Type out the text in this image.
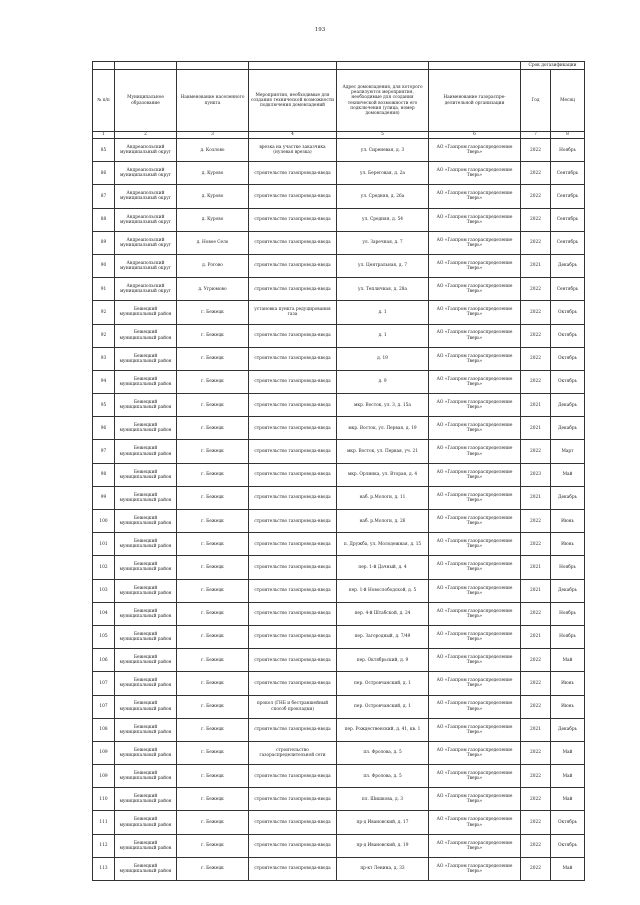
193
						Срок догазификации	
№ п/п	Муниципальное образование	Наименование населенного пункта	Мероприятия, необходимые для создания технической возможности подключения домовладений	Адрес домовладения, для которого реализуются мероприятия, необходимые для создания технической возможности его подключения (улица, номер домовладения)	Наименование газораспре-делительной организации	Год	Месяц
1	2	3	4	5	6	7	8
85	Андреапольский муниципальный округ	д. Козлово	врезка на участке заказчика (нулевая врезка)	ул. Сиреневая, д. 3	АО «Газпром газораспределение Тверь»	2022	Ноябрь
86	Андреапольский муниципальный округ	д. Курово	строительство газопровода-ввода	ул. Береговая, д. 2а	АО «Газпром газораспределение Тверь»	2022	Сентябрь
87	Андреапольский муниципальный округ	д. Курово	строительство газопровода-ввода	ул. Средняя, д. 26а	АО «Газпром газораспределение Тверь»	2022	Сентябрь
88	Андреапольский муниципальный округ	д. Курово	строительство газопровода-ввода	ул. Средняя, д. 54	АО «Газпром газораспределение Тверь»	2022	Сентябрь
89	Андреапольский муниципальный округ	д. Новое Село	строительство газопровода-ввода	ул. Заречная, д. 7	АО «Газпром газораспределение Тверь»	2022	Сентябрь
90	Андреапольский муниципальный округ	д. Рогово	строительство газопровода-ввода	ул. Центральная, д. 7	АО «Газпром газораспределение Тверь»	2021	Декабрь
91	Андреапольский муниципальный округ	д. Угрюмово	строительство газопровода-ввода	ул. Тепличная, д. 28а	АО «Газпром газораспределение Тверь»	2022	Сентябрь
92	Бежецкий муниципальный район	г. Бежецк	установка пункта редуцирования газа	д. 1	АО «Газпром газораспределение Тверь»	2022	Октябрь
92	Бежецкий муниципальный район	г. Бежецк	строительство газопровода-ввода	д. 1	АО «Газпром газораспределение Тверь»	2022	Октябрь
93	Бежецкий муниципальный район	г. Бежецк	строительство газопровода-ввода	д. 19	АО «Газпром газораспределение Тверь»	2022	Октябрь
94	Бежецкий муниципальный район	г. Бежецк	строительство газопровода-ввода	д. 9	АО «Газпром газораспределение Тверь»	2022	Октябрь
95	Бежецкий муниципальный район	г. Бежецк	строительство газопровода-ввода	мкр. Восток, ул. 3, д. 15а	АО «Газпром газораспределение Тверь»	2021	Декабрь
96	Бежецкий муниципальный район	г. Бежецк	строительство газопровода-ввода	мкр. Восток, ул. Первая, д. 19	АО «Газпром газораспределение Тверь»	2021	Декабрь
97	Бежецкий муниципальный район	г. Бежецк	строительство газопровода-ввода	мкр. Восток, ул. Первая, уч. 21	АО «Газпром газораспределение Тверь»	2022	Март
98	Бежецкий муниципальный район	г. Бежецк	строительство газопровода-ввода	мкр. Орлинка, ул. Вторая, д. 4	АО «Газпром газораспределение Тверь»	2023	Май
99	Бежецкий муниципальный район	г. Бежецк	строительство газопровода-ввода	наб. р.Мологи, д. 11	АО «Газпром газораспределение Тверь»	2021	Декабрь
100	Бежецкий муниципальный район	г. Бежецк	строительство газопровода-ввода	наб. р.Мологи, д. 26	АО «Газпром газораспределение Тверь»	2022	Июнь
101	Бежецкий муниципальный район	г. Бежецк	строительство газопровода-ввода	п. Дружба, ул. Молодежная, д. 15	АО «Газпром газораспределение Тверь»	2022	Июнь
102	Бежецкий муниципальный район	г. Бежецк	строительство газопровода-ввода	пер. 1-й Дачный, д. 4	АО «Газпром газораспределение Тверь»	2021	Ноябрь
103	Бежецкий муниципальный район	г. Бежецк	строительство газопровода-ввода	пер. 1-й Новослободской, д. 5	АО «Газпром газораспределение Тверь»	2021	Декабрь
104	Бежецкий муниципальный район	г. Бежецк	строительство газопровода-ввода	пер. 4-й Штабской, д. 24	АО «Газпром газораспределение Тверь»	2022	Ноябрь
105	Бежецкий муниципальный район	г. Бежецк	строительство газопровода-ввода	пер. Загородный, д. 7/49	АО «Газпром газораспределение Тверь»	2021	Ноябрь
106	Бежецкий муниципальный район	г. Бежецк	строительство газопровода-ввода	пер. Октябрьский, д. 9	АО «Газпром газораспределение Тверь»	2022	Май
107	Бежецкий муниципальный район	г. Бежецк	строительство газопровода-ввода	пер. Островчанский, д. 1	АО «Газпром газораспределение Тверь»	2022	Июнь
107	Бежецкий муниципальный район	г. Бежецк	прокол (ГНБ и бестраншейный способ прокладки)	пер. Островчанский, д. 1	АО «Газпром газораспределение Тверь»	2022	Июнь
108	Бежецкий муниципальный район	г. Бежецк	строительство газопровода-ввода	пер. Рождественский, д. 41, кв. 1	АО «Газпром газораспределение Тверь»	2021	Декабрь
109	Бежецкий муниципальный район	г. Бежецк	строительство газораспределительной сети	пл. Фролова, д. 5	АО «Газпром газораспределение Тверь»	2022	Май
109	Бежецкий муниципальный район	г. Бежецк	строительство газопровода-ввода	пл. Фролова, д. 5	АО «Газпром газораспределение Тверь»	2022	Май
110	Бежецкий муниципальный район	г. Бежецк	строительство газопровода-ввода	пл. Шишкова, д. 3	АО «Газпром газораспределение Тверь»	2022	Май
111	Бежецкий муниципальный район	г. Бежецк	строительство газопровода-ввода	пр-д Ивановский, д. 17	АО «Газпром газораспределение Тверь»	2022	Октябрь
112	Бежецкий муниципальный район	г. Бежецк	строительство газопровода-ввода	пр-д Ивановский, д. 19	АО «Газпром газораспределение Тверь»	2022	Октябрь
113	Бежецкий муниципальный район	г. Бежецк	строительство газопровода-ввода	пр-кт Ленина, д. 33	АО «Газпром газораспределение Тверь»	2022	Май
